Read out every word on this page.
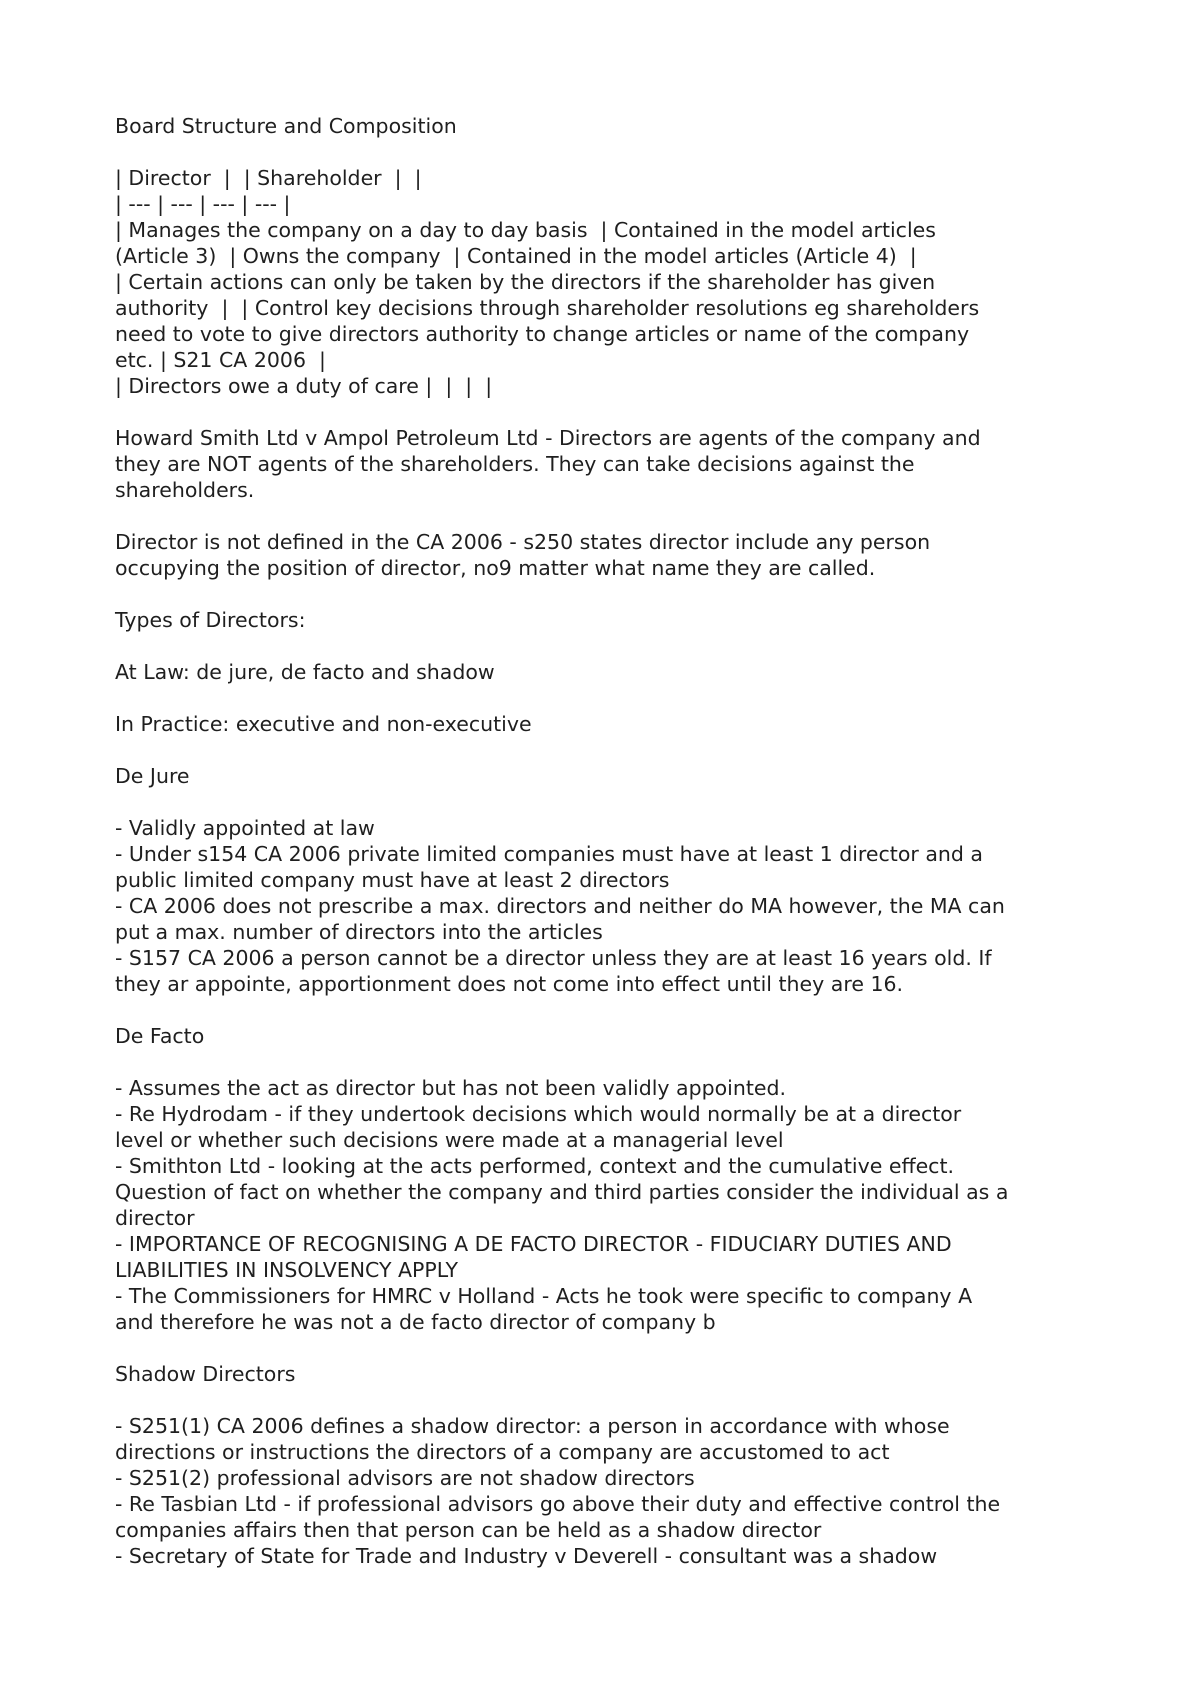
Board Structure and Composition
| Director  |  | Shareholder  |  |
| --- | --- | --- | --- |
| Manages the company on a day to day basis  | Contained in the model articles
(Article 3)  | Owns the company  | Contained in the model articles (Article 4)  |
| Certain actions can only be taken by the directors if the shareholder has given
authority  |  | Control key decisions through shareholder resolutions eg shareholders
need to vote to give directors authority to change articles or name of the company
etc. | S21 CA 2006  |
| Directors owe a duty of care |  |  |  |
Howard Smith Ltd v Ampol Petroleum Ltd - Directors are agents of the company and
they are NOT agents of the shareholders. They can take decisions against the
shareholders.
Director is not defined in the CA 2006 - s250 states director include any person
occupying the position of director, no9 matter what name they are called.
Types of Directors:
At Law: de jure, de facto and shadow
In Practice: executive and non-executive
De Jure
- Validly appointed at law
- Under s154 CA 2006 private limited companies must have at least 1 director and a
public limited company must have at least 2 directors
- CA 2006 does not prescribe a max. directors and neither do MA however, the MA can
put a max. number of directors into the articles
- S157 CA 2006 a person cannot be a director unless they are at least 16 years old. If
they ar appointe, apportionment does not come into effect until they are 16.
De Facto
- Assumes the act as director but has not been validly appointed.
- Re Hydrodam - if they undertook decisions which would normally be at a director
level or whether such decisions were made at a managerial level
- Smithton Ltd - looking at the acts performed, context and the cumulative effect.
Question of fact on whether the company and third parties consider the individual as a
director
- IMPORTANCE OF RECOGNISING A DE FACTO DIRECTOR - FIDUCIARY DUTIES AND
LIABILITIES IN INSOLVENCY APPLY
- The Commissioners for HMRC v Holland - Acts he took were specific to company A
and therefore he was not a de facto director of company b
Shadow Directors
- S251(1) CA 2006 defines a shadow director: a person in accordance with whose
directions or instructions the directors of a company are accustomed to act
- S251(2) professional advisors are not shadow directors
- Re Tasbian Ltd - if professional advisors go above their duty and effective control the
companies affairs then that person can be held as a shadow director
- Secretary of State for Trade and Industry v Deverell - consultant was a shadow
